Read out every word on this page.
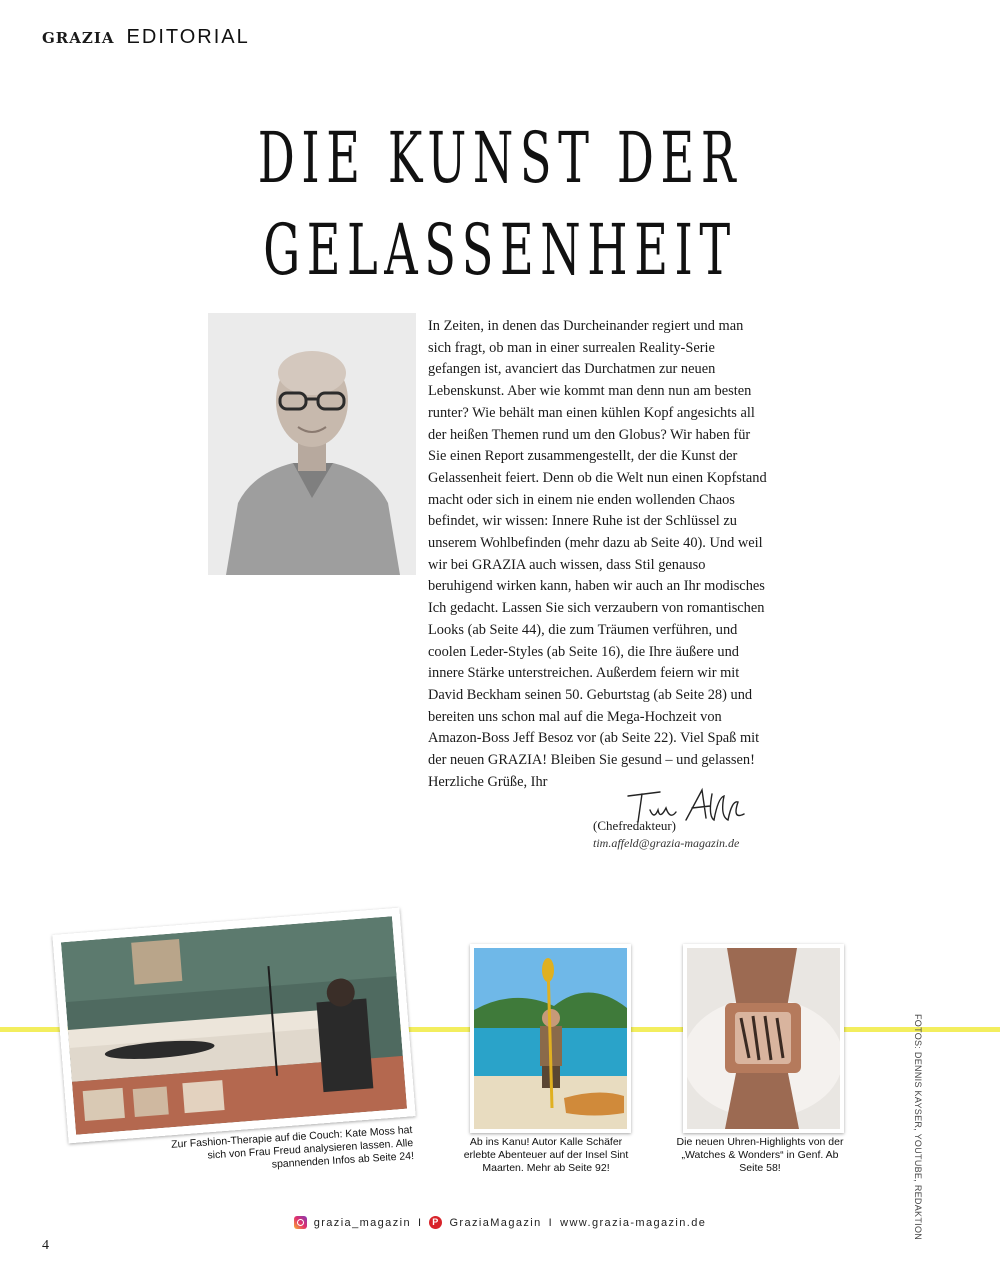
GRAZIA EDITORIAL
DIE KUNST DER
GELASSENHEIT

In Zeiten, in denen das Durcheinander regiert und man sich fragt, ob man in einer surrealen Reality-Serie gefangen ist, avanciert das Durchatmen zur neuen Lebenskunst. Aber wie kommt man denn nun am besten runter? Wie behält man einen kühlen Kopf angesichts all der heißen Themen rund um den Globus? Wir haben für Sie einen Report zusammengestellt, der die Kunst der Gelassenheit feiert. Denn ob die Welt nun einen Kopfstand macht oder sich in einem nie enden wollenden Chaos befindet, wir wissen: Innere Ruhe ist der Schlüssel zu unserem Wohlbefinden (mehr dazu ab Seite 40). Und weil wir bei GRAZIA auch wissen, dass Stil genauso beruhigend wirken kann, haben wir auch an Ihr modisches Ich gedacht. Lassen Sie sich verzaubern von romantischen Looks (ab Seite 44), die zum Träumen verführen, und coolen Leder-Styles (ab Seite 16), die Ihre äußere und innere Stärke unterstreichen. Außerdem feiern wir mit David Beckham seinen 50. Geburtstag (ab Seite 28) und bereiten uns schon mal auf die Mega-Hochzeit von Amazon-Boss Jeff Besoz vor (ab Seite 22). Viel Spaß mit der neuen GRAZIA! Bleiben Sie gesund – und gelassen! Herzliche Grüße, Ihr

(Chefredakteur)
tim.affeld@grazia-magazin.de
Zur Fashion-Therapie auf die Couch: Kate Moss hat sich von Frau Freud analysieren lassen. Alle spannenden Infos ab Seite 24!
Ab ins Kanu! Autor Kalle Schäfer erlebte Abenteuer auf der Insel Sint Maarten. Mehr ab Seite 92!
Die neuen Uhren-Highlights von der „Watches & Wonders“ in Genf. Ab Seite 58!	FOTOS: DENNIS KAYSER, YOUTUBE, REDAKTION
grazia_magazin I	P GraziaMagazin I www.grazia-magazin.de
4
